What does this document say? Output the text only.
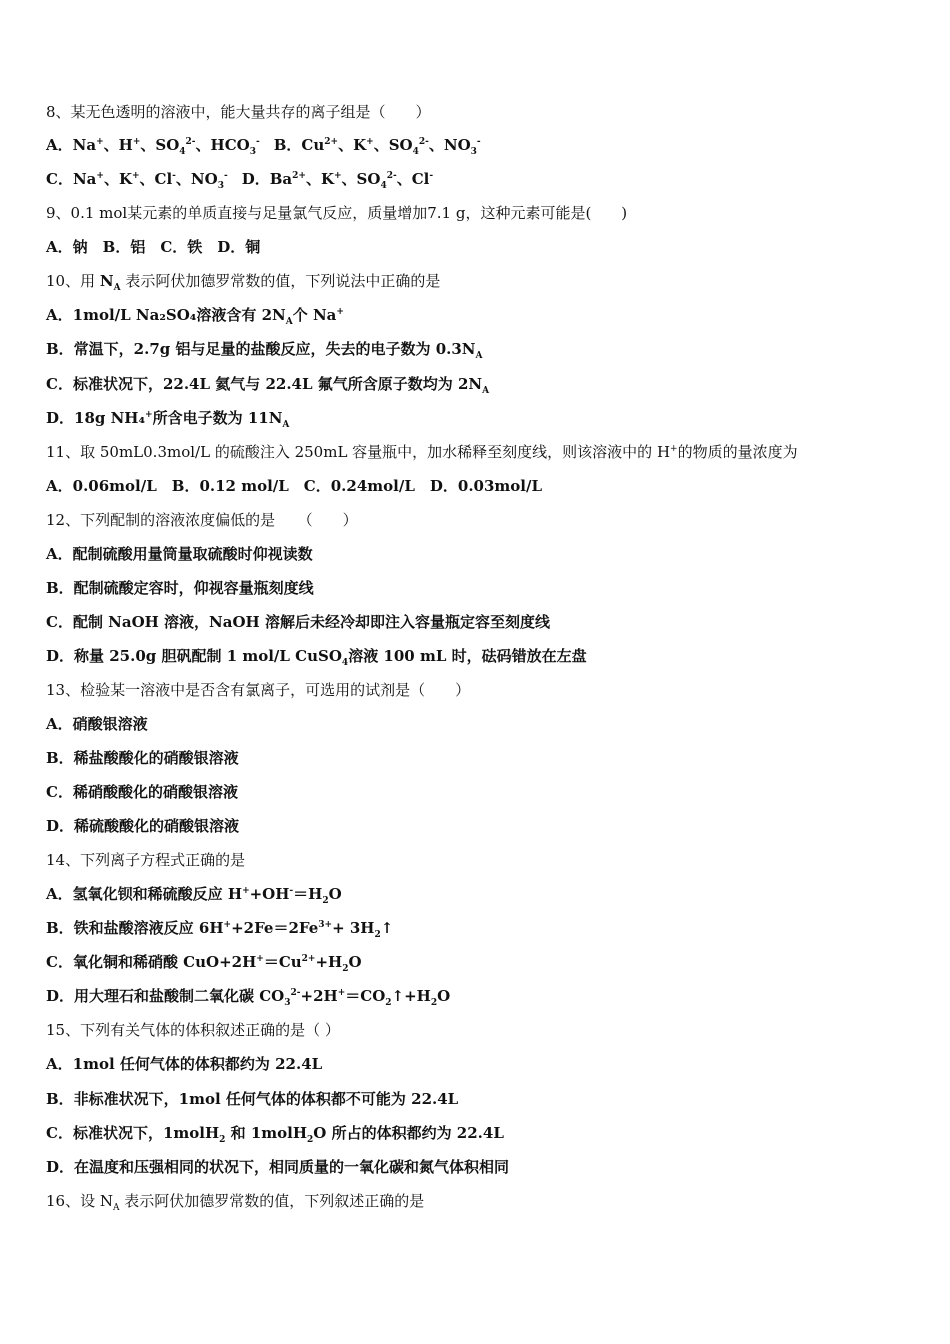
8、某无色透明的溶液中，能大量共存的离子组是（　　）
A．Na+、H+、$SO_4^{2-}$、$HCO_3^-$ B．$Cu^{2+}$、K+、$SO_4^{2-}$、$NO_3^-$
C．Na+、K+、Cl-、$NO_3^-$ D．$Ba^{2+}$、K+、$SO_4^{2-}$、Cl-
9、0.1 mol某元素的单质直接与足量氯气反应，质量增加7.1 g，这种元素可能是(　　)
A．钠　B．铝　C．铁　D．铜
10、用 $N_A$ 表示阿伏加德罗常数的值，下列说法中正确的是
A．1mol/L Na₂SO₄溶液含有 $2N_A$个 Na+
B．常温下，2.7g 铝与足量的盐酸反应，失去的电子数为 $0.3N_A$
C．标准状况下，22.4L 氦气与 22.4L 氟气所含原子数均为 $2N_A$
D．18g NH₄+所含电子数为 $11N_A$
11、取 50mL0.3mol/L 的硫酸注入 250mL 容量瓶中，加水稀释至刻度线，则该溶液中的 H+的物质的量浓度为
A．0.06mol/L　B．0.12 mol/L　C．0.24mol/L　D．0.03mol/L
12、下列配制的溶液浓度偏低的是　　（　　）
A．配制硫酸用量筒量取硫酸时仰视读数
B．配制硫酸定容时，仰视容量瓶刻度线
C．配制 NaOH 溶液，NaOH 溶解后未经冷却即注入容量瓶定容至刻度线
D．称量 25.0g 胆矾配制 1 mol/L CuSO$_4$溶液 100 mL 时，砝码错放在左盘
13、检验某一溶液中是否含有氯离子，可选用的试剂是（　　）
A．硝酸银溶液
B．稀盐酸酸化的硝酸银溶液
C．稀硝酸酸化的硝酸银溶液
D．稀硫酸酸化的硝酸银溶液
14、下列离子方程式正确的是
A．氢氧化钡和稀硫酸反应 $H^++OH^-=H_2O$
B．铁和盐酸溶液反应 $6H^++2Fe=2Fe^{3+}+$ $3H_2↑$
C．氧化铜和稀硝酸 $CuO+2H^+=Cu^{2+}+H_2O$
D．用大理石和盐酸制二氧化碳 $CO_3^{2-}+2H^+=CO_2↑+H_2O$
15、下列有关气体的体积叙述正确的是（ ）
A．1mol 任何气体的体积都约为 22.4L
B．非标准状况下，1mol 任何气体的体积都不可能为 22.4L
C．标准状况下，1molH$_2$ 和 1molH$_2$O 所占的体积都约为 22.4L
D．在温度和压强相同的状况下，相同质量的一氧化碳和氮气体积相同
16、设 $N_A$ 表示阿伏加德罗常数的值，下列叙述正确的是
